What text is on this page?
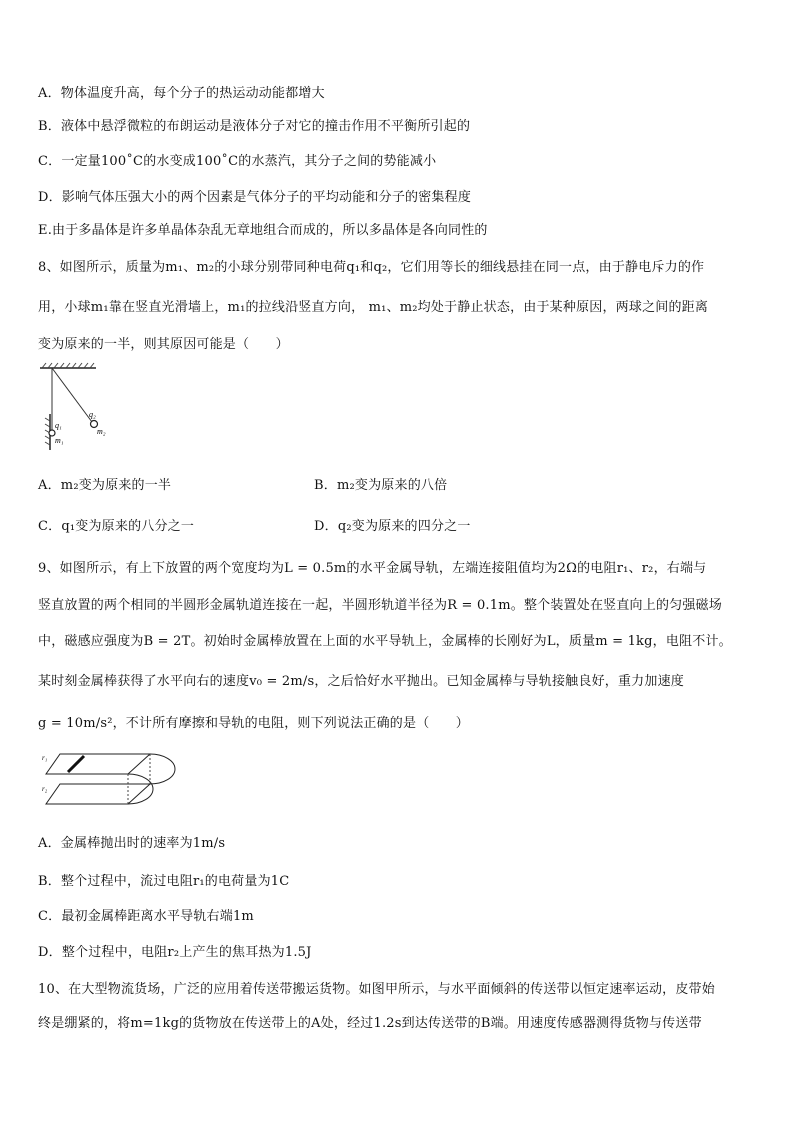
A．物体温度升高，每个分子的热运动动能都增大
B．液体中悬浮微粒的布朗运动是液体分子对它的撞击作用不平衡所引起的
C．一定量100˚C的水变成100˚C的水蒸汽，其分子之间的势能减小
D．影响气体压强大小的两个因素是气体分子的平均动能和分子的密集程度
E.由于多晶体是许多单晶体杂乱无章地组合而成的，所以多晶体是各向同性的
8、如图所示，质量为m₁、m₂的小球分别带同种电荷q₁和q₂，它们用等长的细线悬挂在同一点，由于静电斥力的作
用，小球m₁靠在竖直光滑墙上，m₁的拉线沿竖直方向， m₁、m₂均处于静止状态，由于某种原因，两球之间的距离
变为原来的一半，则其原因可能是（　　）
q₁
m₁
q₂
m₂
A．m₂变为原来的一半	B．m₂变为原来的八倍
C．q₁变为原来的八分之一	D．q₂变为原来的四分之一
9、如图所示，有上下放置的两个宽度均为L = 0.5m的水平金属导轨，左端连接阻值均为2Ω的电阻r₁、r₂，右端与
竖直放置的两个相同的半圆形金属轨道连接在一起，半圆形轨道半径为R = 0.1m。整个装置处在竖直向上的匀强磁场
中，磁感应强度为B = 2T。初始时金属棒放置在上面的水平导轨上，金属棒的长刚好为L，质量m = 1kg，电阻不计。
某时刻金属棒获得了水平向右的速度v₀ = 2m/s，之后恰好水平抛出。已知金属棒与导轨接触良好，重力加速度
g = 10m/s²，不计所有摩擦和导轨的电阻，则下列说法正确的是（　　）
r₁
r₂
A．金属棒抛出时的速率为1m/s
B．整个过程中，流过电阻r₁的电荷量为1C
C．最初金属棒距离水平导轨右端1m
D．整个过程中，电阻r₂上产生的焦耳热为1.5J
10、在大型物流货场，广泛的应用着传送带搬运货物。如图甲所示，与水平面倾斜的传送带以恒定速率运动，皮带始
终是绷紧的，将m=1kg的货物放在传送带上的A处，经过1.2s到达传送带的B端。用速度传感器测得货物与传送带
